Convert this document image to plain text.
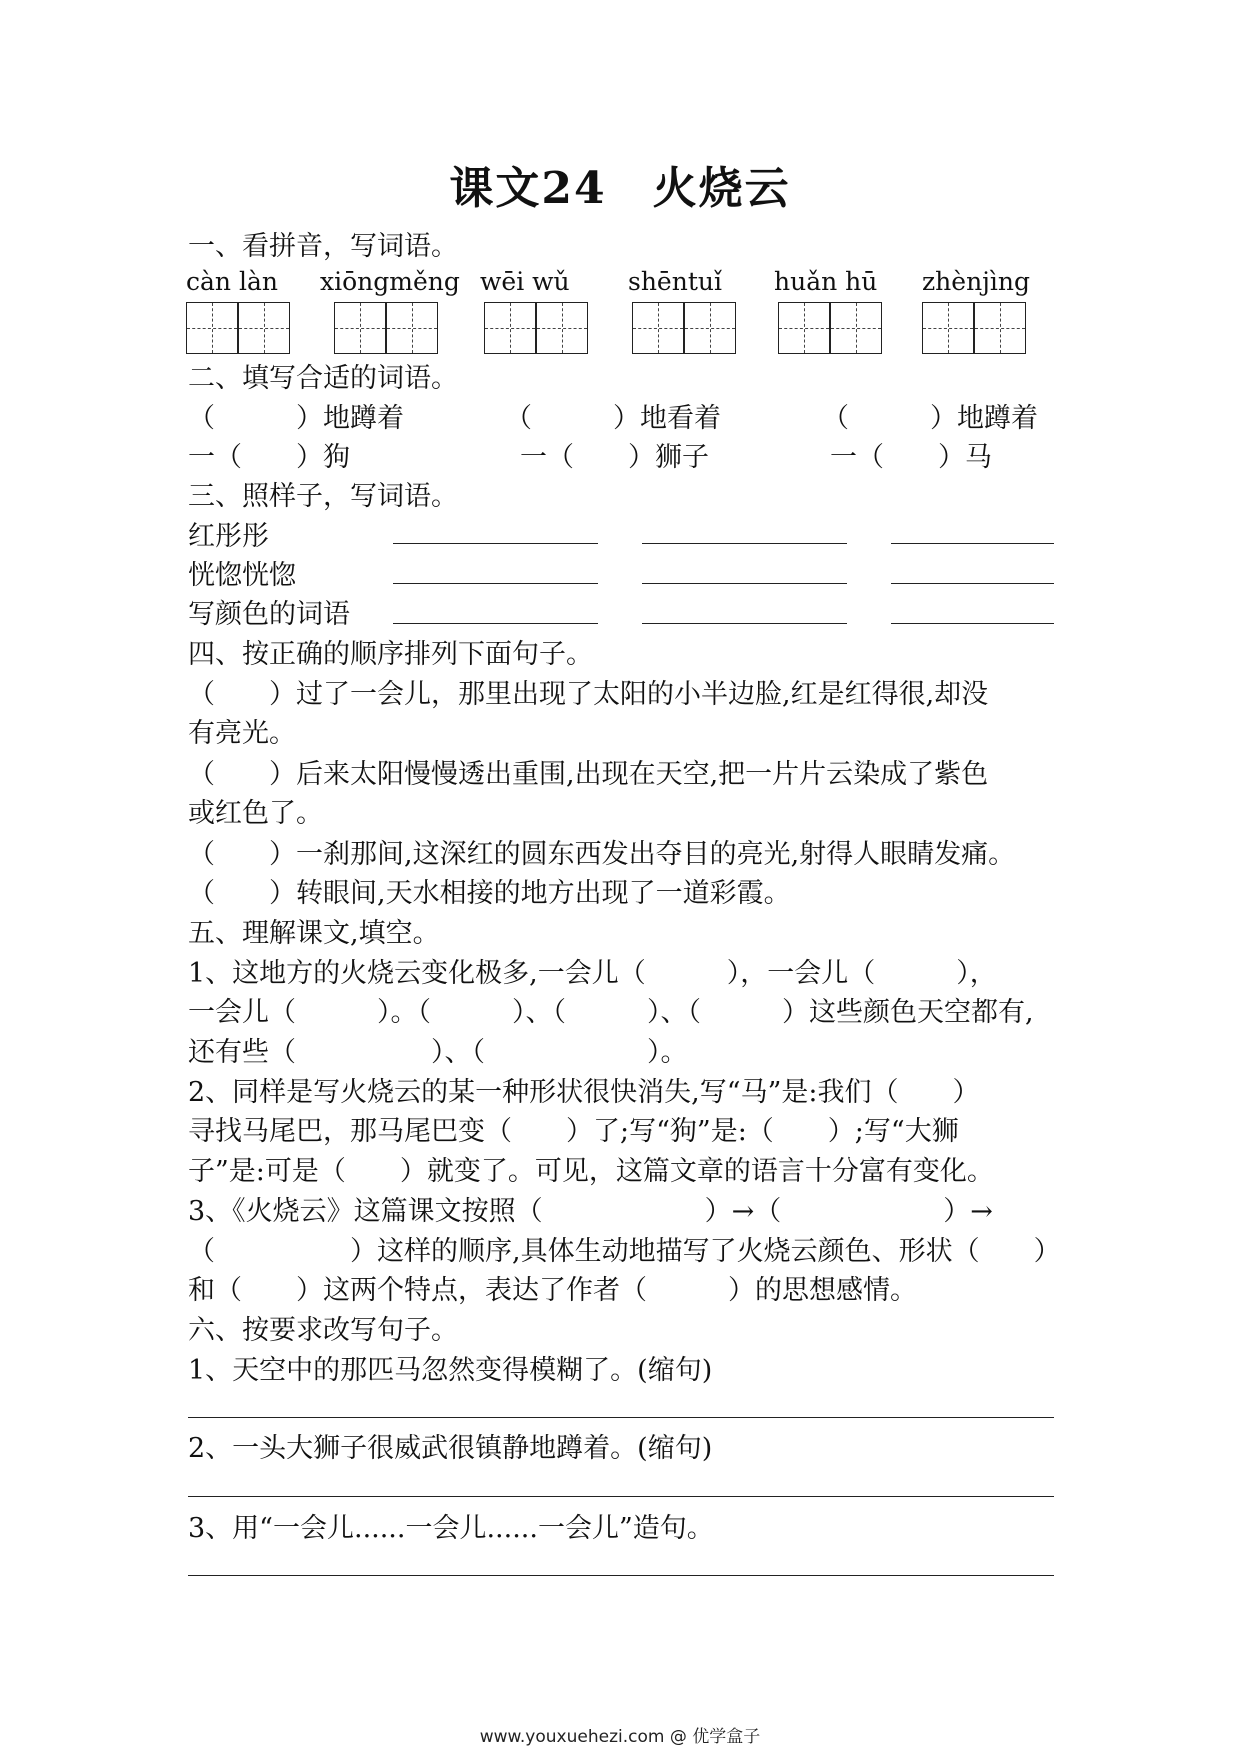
课文24　火烧云
一、看拼音，写词语。
càn làn xiōngměng wēi wǔ shēntuǐ huǎn hū zhènjìng
二、填写合适的词语。
（　　　）地蹲着	（　　　）地看着	（　　　）地蹲着
一（　　）狗	一（　　）狮子	一（　　）马
三、照样子，写词语。
红彤彤
恍惚恍惚
写颜色的词语
四、按正确的顺序排列下面句子。
（　　）过了一会儿，那里出现了太阳的小半边脸,红是红得很,却没
有亮光。
（　　）后来太阳慢慢透出重围,出现在天空,把一片片云染成了紫色
或红色了。
（　　）一刹那间,这深红的圆东西发出夺目的亮光,射得人眼睛发痛。
（　　）转眼间,天水相接的地方出现了一道彩霞。
五、理解课文,填空。
1、这地方的火烧云变化极多,一会儿（　　　），一会儿（　　　），
一会儿（　　　）。（　　　）、（　　　）、（　　　）这些颜色天空都有,
还有些（　　　　　）、（　　　　　　）。
2、同样是写火烧云的某一种形状很快消失,写“马”是:我们（　　）
寻找马尾巴，那马尾巴变（　　）了;写“狗”是:（　　）;写“大狮
子”是:可是（　　）就变了。可见，这篇文章的语言十分富有变化。
3、《火烧云》这篇课文按照（　　　　　　）→（　　　　　　）→
（　　　　　）这样的顺序,具体生动地描写了火烧云颜色、形状（　　）
和（　　）这两个特点，表达了作者（　　　）的思想感情。
六、按要求改写句子。
1、天空中的那匹马忽然变得模糊了。(缩句)
2、一头大狮子很威武很镇静地蹲着。(缩句)
3、用“一会儿......一会儿......一会儿”造句。
www.youxuehezi.com @ 优学盒子
